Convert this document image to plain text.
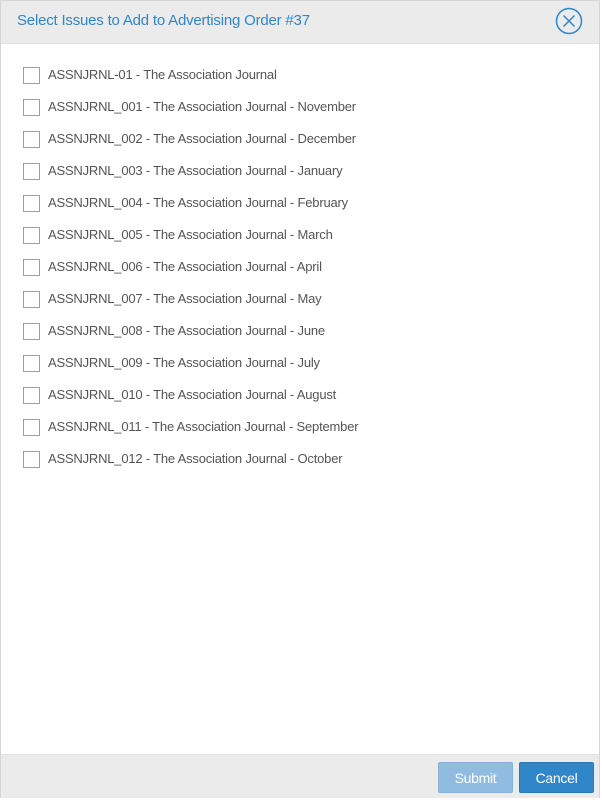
Select Issues to Add to Advertising Order #37
ASSNJRNL-01 - The Association Journal
ASSNJRNL_001 - The Association Journal - November
ASSNJRNL_002 - The Association Journal - December
ASSNJRNL_003 - The Association Journal - January
ASSNJRNL_004 - The Association Journal - February
ASSNJRNL_005 - The Association Journal - March
ASSNJRNL_006 - The Association Journal - April
ASSNJRNL_007 - The Association Journal - May
ASSNJRNL_008 - The Association Journal - June
ASSNJRNL_009 - The Association Journal - July
ASSNJRNL_010 - The Association Journal - August
ASSNJRNL_011 - The Association Journal - September
ASSNJRNL_012 - The Association Journal - October
Submit	Cancel
